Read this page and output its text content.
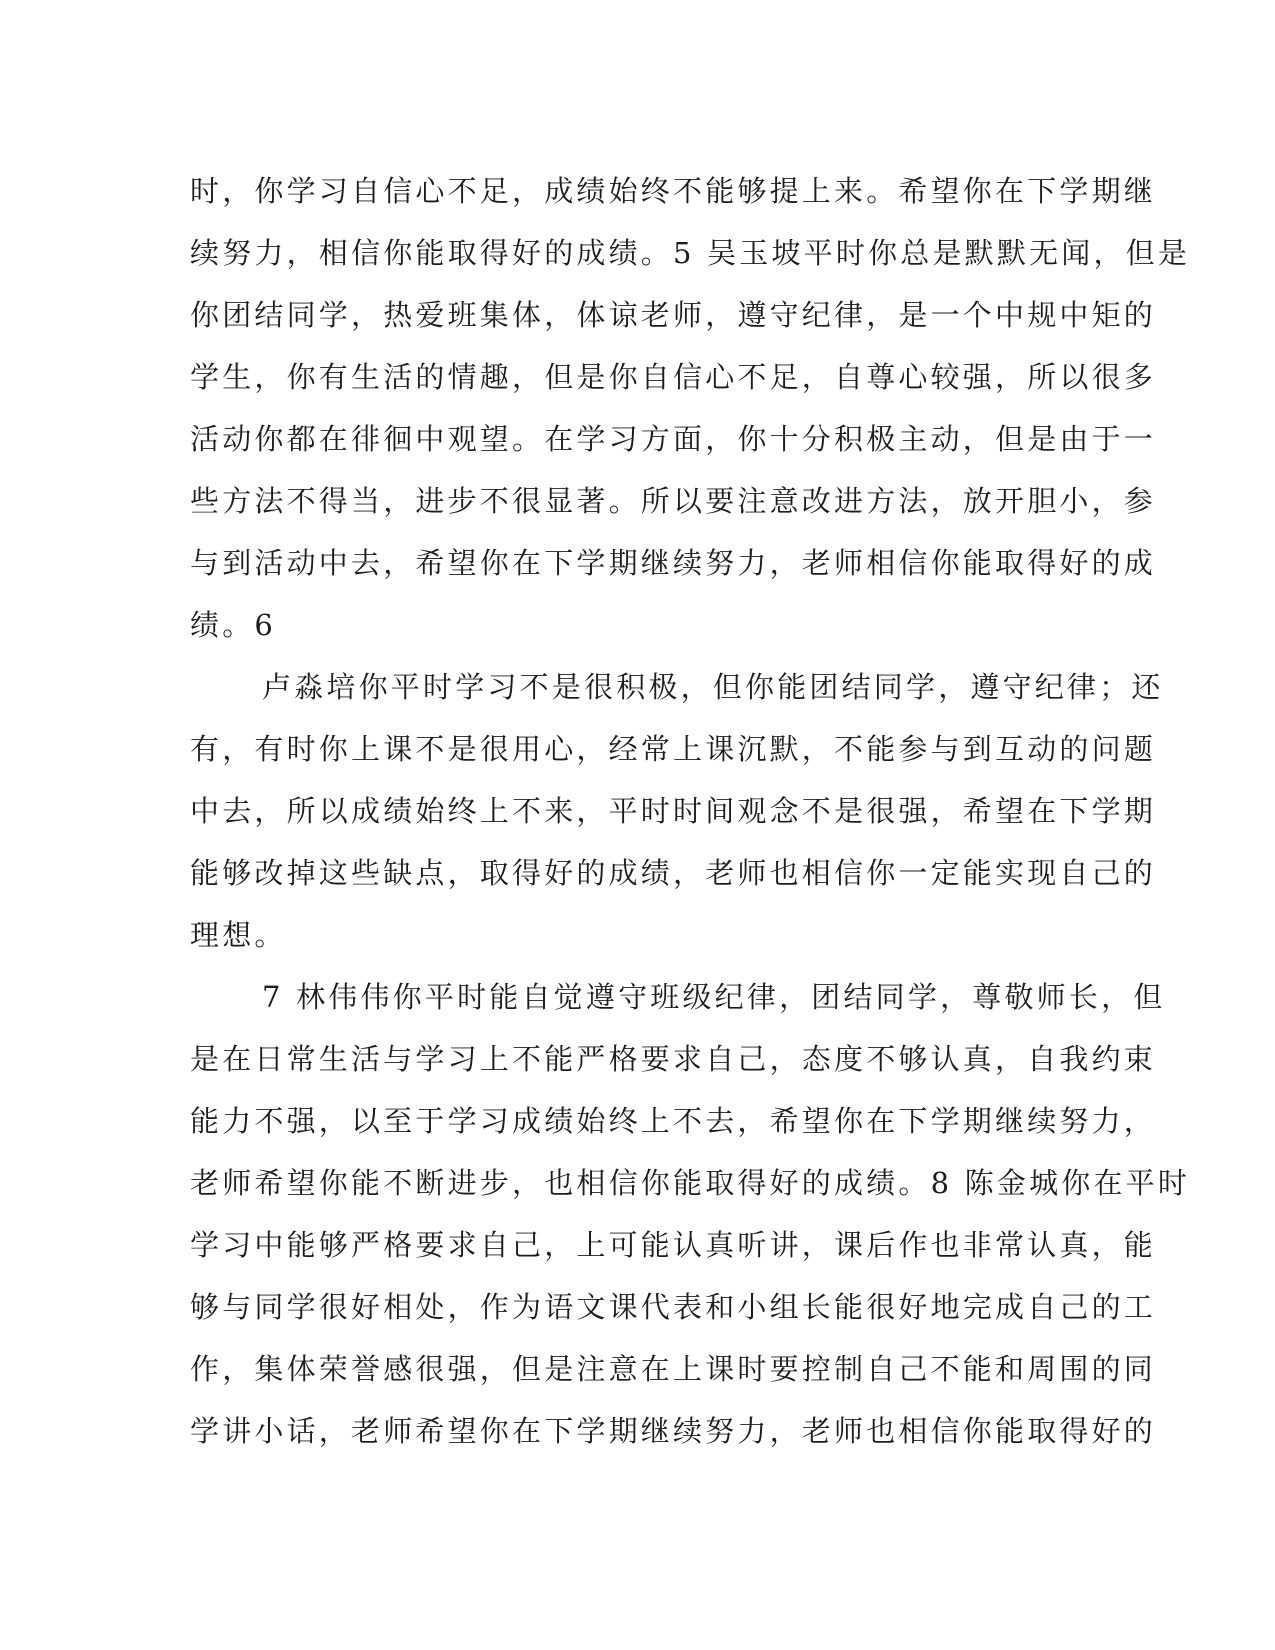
时，你学习自信心不足，成绩始终不能够提上来。希望你在下学期继
续努力，相信你能取得好的成绩。5 吴玉坡平时你总是默默无闻，但是
你团结同学，热爱班集体，体谅老师，遵守纪律，是一个中规中矩的
学生，你有生活的情趣，但是你自信心不足，自尊心较强，所以很多
活动你都在徘徊中观望。在学习方面，你十分积极主动，但是由于一
些方法不得当，进步不很显著。所以要注意改进方法，放开胆小，参
与到活动中去，希望你在下学期继续努力，老师相信你能取得好的成
绩。6
卢淼培你平时学习不是很积极，但你能团结同学，遵守纪律；还
有，有时你上课不是很用心，经常上课沉默，不能参与到互动的问题
中去，所以成绩始终上不来，平时时间观念不是很强，希望在下学期
能够改掉这些缺点，取得好的成绩，老师也相信你一定能实现自己的
理想。
7 林伟伟你平时能自觉遵守班级纪律，团结同学，尊敬师长，但
是在日常生活与学习上不能严格要求自己，态度不够认真，自我约束
能力不强，以至于学习成绩始终上不去，希望你在下学期继续努力，
老师希望你能不断进步，也相信你能取得好的成绩。8 陈金城你在平时
学习中能够严格要求自己，上可能认真听讲，课后作也非常认真，能
够与同学很好相处，作为语文课代表和小组长能很好地完成自己的工
作，集体荣誉感很强，但是注意在上课时要控制自己不能和周围的同
学讲小话，老师希望你在下学期继续努力，老师也相信你能取得好的
